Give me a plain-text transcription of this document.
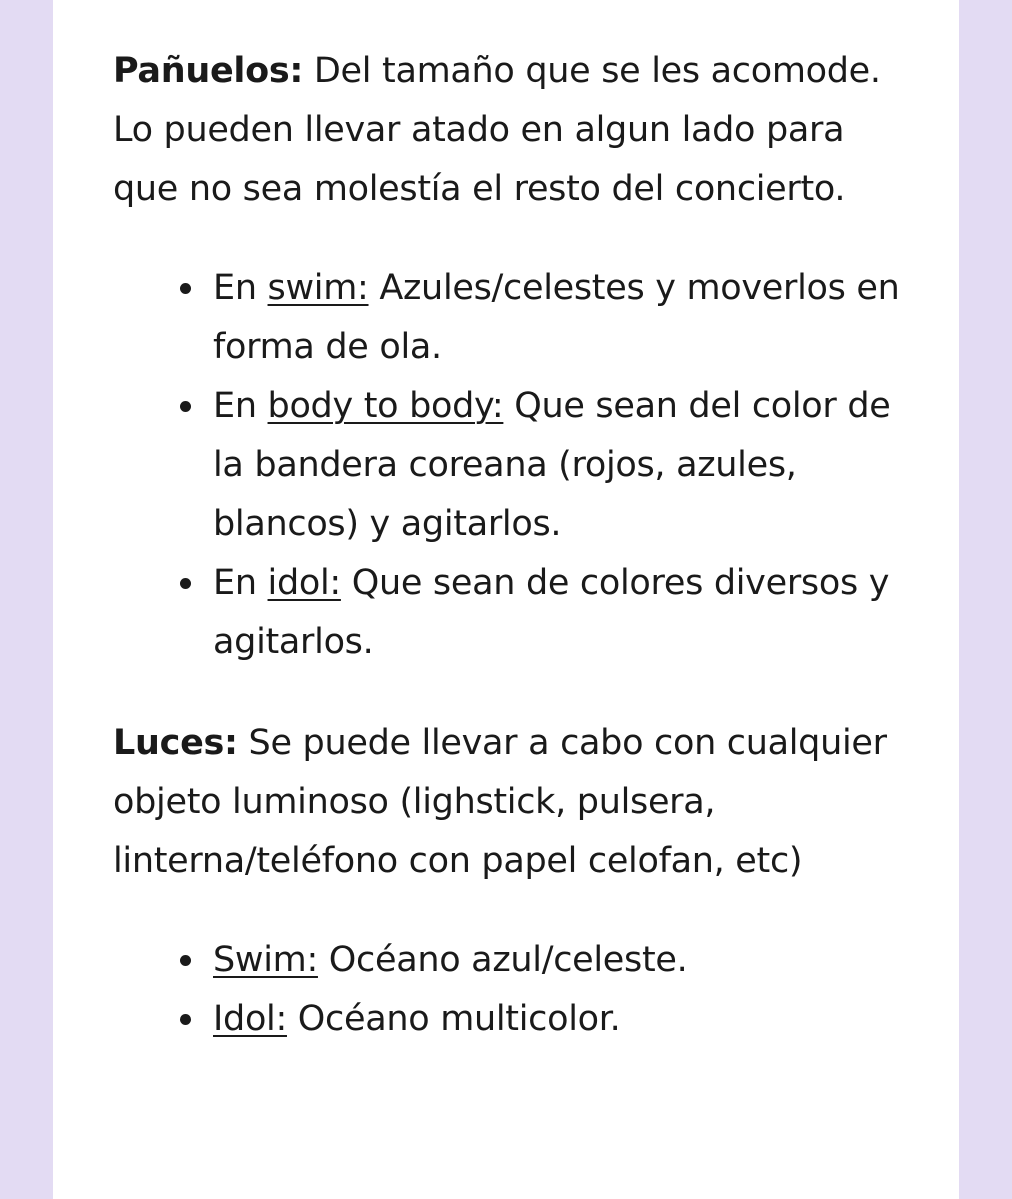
Pañuelos: Del tamaño que se les acomode. Lo pueden llevar atado en algun lado para que no sea molestía el resto del concierto.

En swim: Azules/celestes y moverlos en forma de ola.
En body to body: Que sean del color de la bandera coreana (rojos, azules, blancos) y agitarlos.
En idol: Que sean de colores diversos y agitarlos.

Luces: Se puede llevar a cabo con cualquier objeto luminoso (lighstick, pulsera, linterna/teléfono con papel celofan, etc)

Swim: Océano azul/celeste.
Idol: Océano multicolor.
